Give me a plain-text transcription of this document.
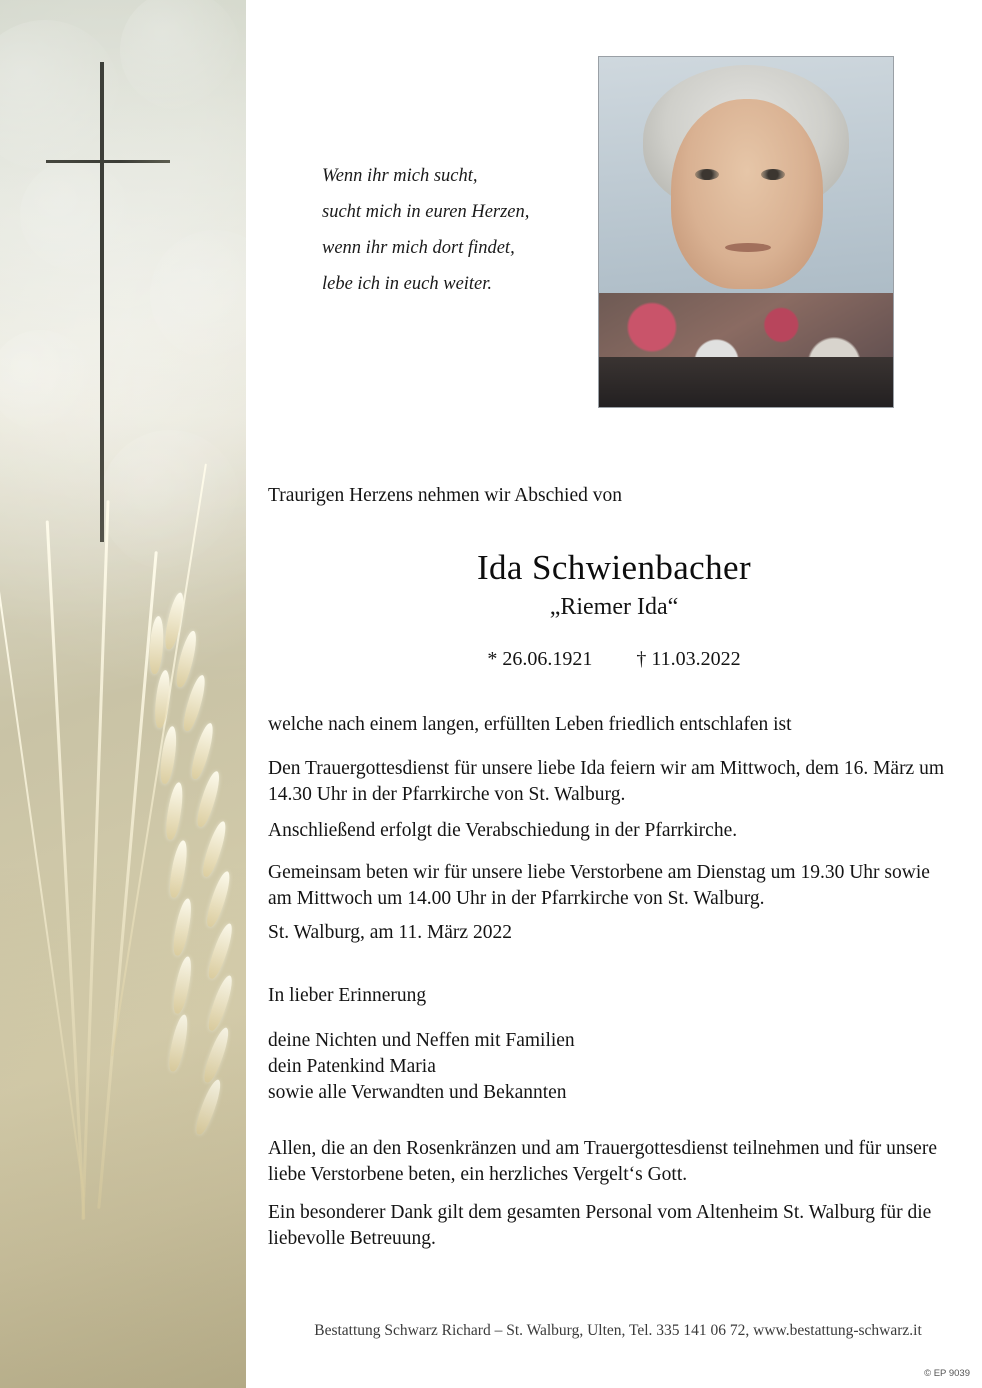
Wenn ihr mich sucht,
sucht mich in euren Herzen,
wenn ihr mich dort findet,
lebe ich in euch weiter.
Traurigen Herzens nehmen wir Abschied von
Ida Schwienbacher
„Riemer Ida“
* 26.06.1921 † 11.03.2022
welche nach einem langen, erfüllten Leben friedlich entschlafen ist
Den Trauergottesdienst für unsere liebe Ida feiern wir am Mittwoch, dem 16. März um 14.30 Uhr in der Pfarrkirche von St. Walburg.
Anschließend erfolgt die Verabschiedung in der Pfarrkirche.
Gemeinsam beten wir für unsere liebe Verstorbene am Dienstag um 19.30 Uhr sowie am Mittwoch um 14.00 Uhr in der Pfarrkirche von St. Walburg.
St. Walburg, am 11. März 2022
In lieber Erinnerung
deine Nichten und Neffen mit Familien
dein Patenkind Maria
sowie alle Verwandten und Bekannten
Allen, die an den Rosenkränzen und am Trauergottesdienst teilnehmen und für unsere liebe Verstorbene beten, ein herzliches Vergelt‘s Gott.
Ein besonderer Dank gilt dem gesamten Personal vom Altenheim St. Walburg für die liebevolle Betreuung.
Bestattung Schwarz Richard – St. Walburg, Ulten, Tel. 335 141 06 72, www.bestattung-schwarz.it
© EP 9039
